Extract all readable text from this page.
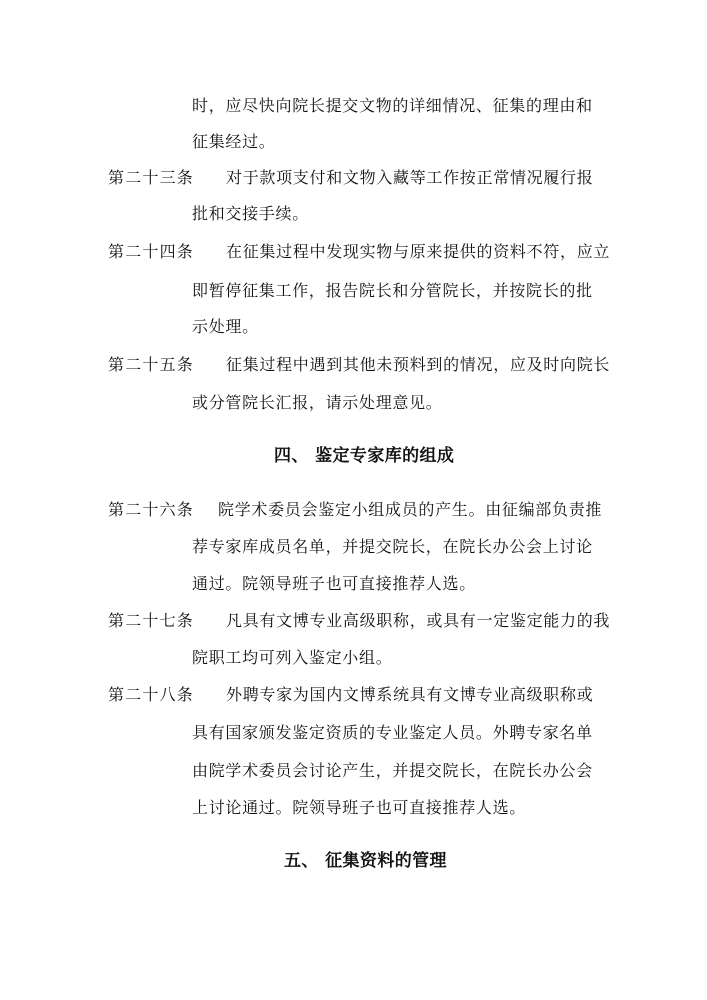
时，应尽快向院长提交文物的详细情况、征集的理由和
征集经过。
第二十三条 对于款项支付和文物入藏等工作按正常情况履行报
批和交接手续。
第二十四条 在征集过程中发现实物与原来提供的资料不符，应立
即暂停征集工作，报告院长和分管院长，并按院长的批
示处理。
第二十五条 征集过程中遇到其他未预料到的情况，应及时向院长
或分管院长汇报，请示处理意见。
四、 鉴定专家库的组成
第二十六条 院学术委员会鉴定小组成员的产生。由征编部负责推
荐专家库成员名单，并提交院长，在院长办公会上讨论
通过。院领导班子也可直接推荐人选。
第二十七条 凡具有文博专业高级职称，或具有一定鉴定能力的我
院职工均可列入鉴定小组。
第二十八条 外聘专家为国内文博系统具有文博专业高级职称或
具有国家颁发鉴定资质的专业鉴定人员。外聘专家名单
由院学术委员会讨论产生，并提交院长，在院长办公会
上讨论通过。院领导班子也可直接推荐人选。
五、 征集资料的管理
